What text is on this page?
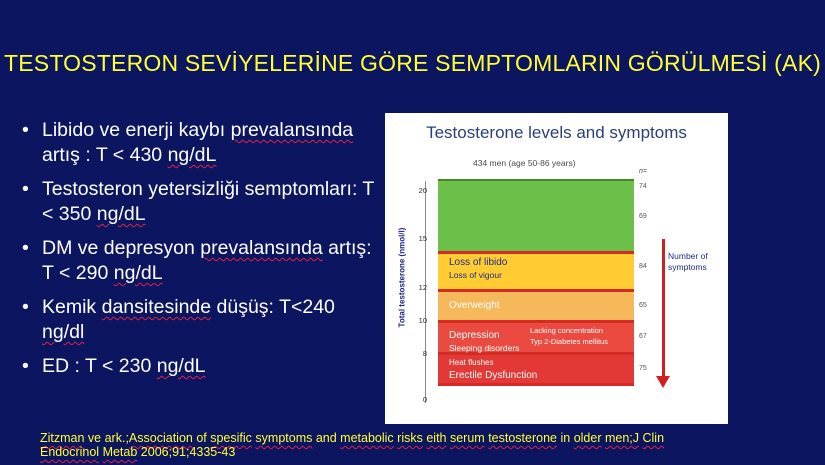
TESTOSTERON SEVİYELERİNE GÖRE SEMPTOMLARIN GÖRÜLMESİ (AK)
• Libido ve enerji kaybı prevalansında artış : T < 430 ng/dL
• Testosteron yetersizliği semptomları: T < 350 ng/dL
• DM ve depresyon prevalansında artış: T < 290 ng/dL
• Kemik dansitesinde düşüş: T<240 ng/dl
• ED : T < 230 ng/dL
Testosterone levels and symptoms
434 men (age 50-86 years)
n=
Total testosterone (nmol/l)
20
15
12
10
8
0
Loss of libido
Loss of vigour
Overweight
Depression
Sleeping disorders
Lacking concentration
Typ 2-Diabetes mellitus
Heat flushes
Erectile Dysfunction
74
69
84
65
67
75
Number of
symptoms
Zitzman ve ark.;Association of spesific symptoms and metabolic risks eith serum testosterone in older men;J Clin Endocrinol Metab 2006;91;4335-43
